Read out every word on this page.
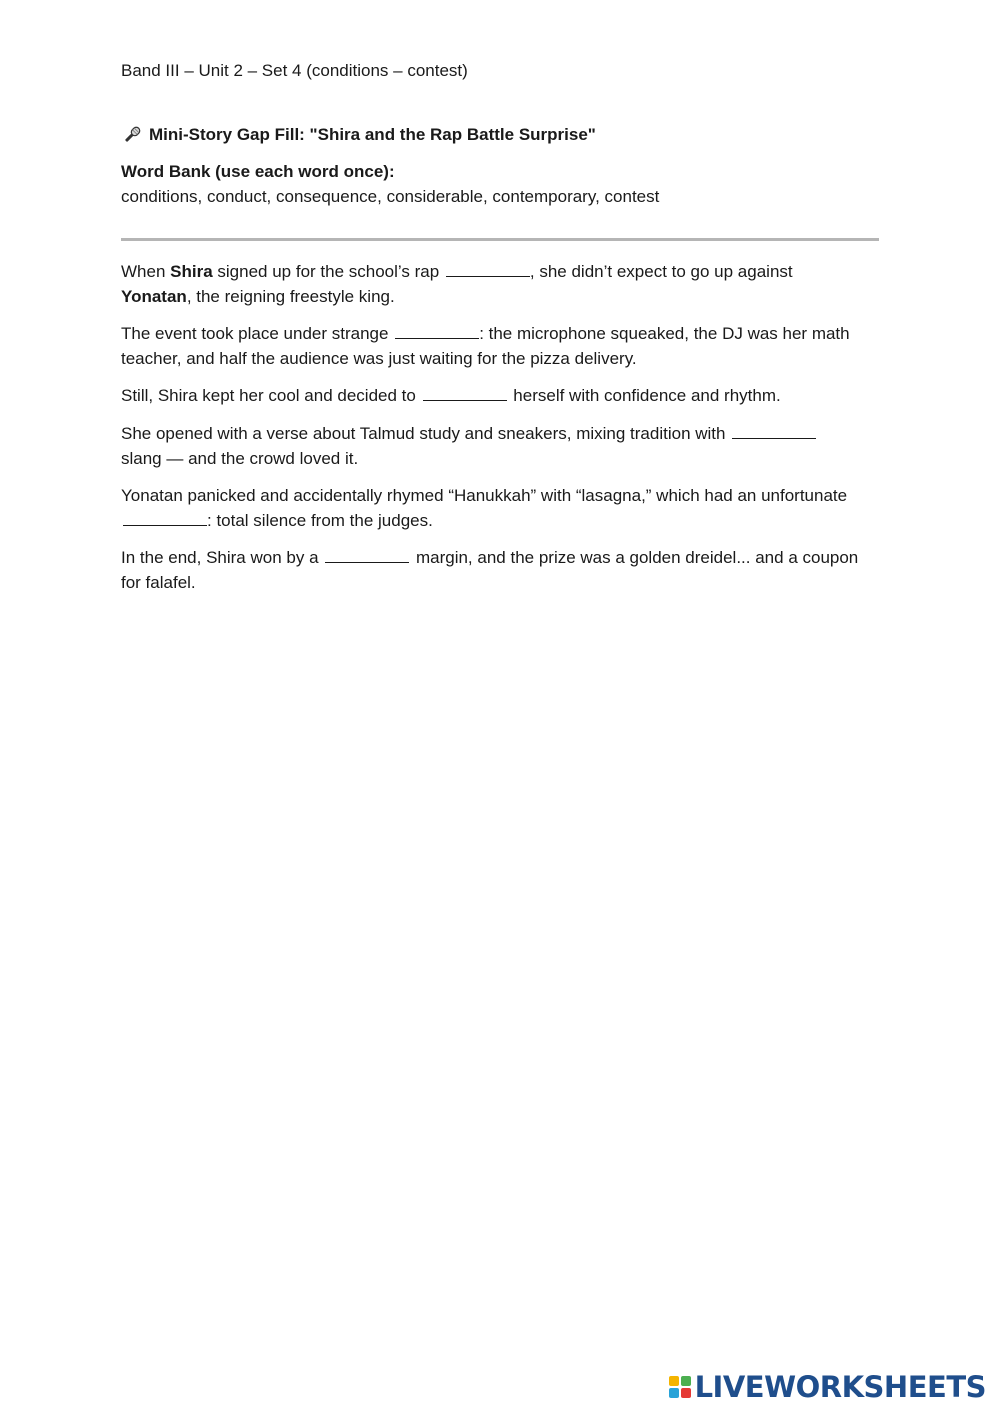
Band III – Unit 2 – Set 4 (conditions – contest)
Mini-Story Gap Fill: "Shira and the Rap Battle Surprise"
Word Bank (use each word once):
conditions, conduct, consequence, considerable, contemporary, contest
When Shira signed up for the school’s rap	, she didn’t expect to go up against
Yonatan, the reigning freestyle king.
The event took place under strange	: the microphone squeaked, the DJ was her math teacher, and half the audience was just waiting for the pizza delivery.
Still, Shira kept her cool and decided to	herself with confidence and rhythm.
She opened with a verse about Talmud study and sneakers, mixing tradition with
slang — and the crowd loved it.
Yonatan panicked and accidentally rhymed “Hanukkah” with “lasagna,” which had an unfortunate : total silence from the judges.
In the end, Shira won by a	margin, and the prize was a golden dreidel... and a coupon for falafel.
LIVEWORKSHEETS
